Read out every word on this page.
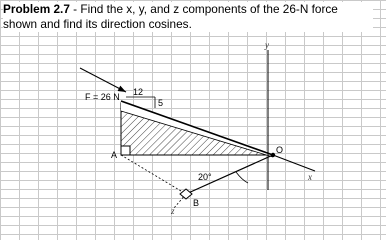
Problem 2.7 - Find the x, y, and z components of the 26-N force
shown and find its direction cosines.
y
x
z
B
20°
A	O
F = 26 N 12
5
